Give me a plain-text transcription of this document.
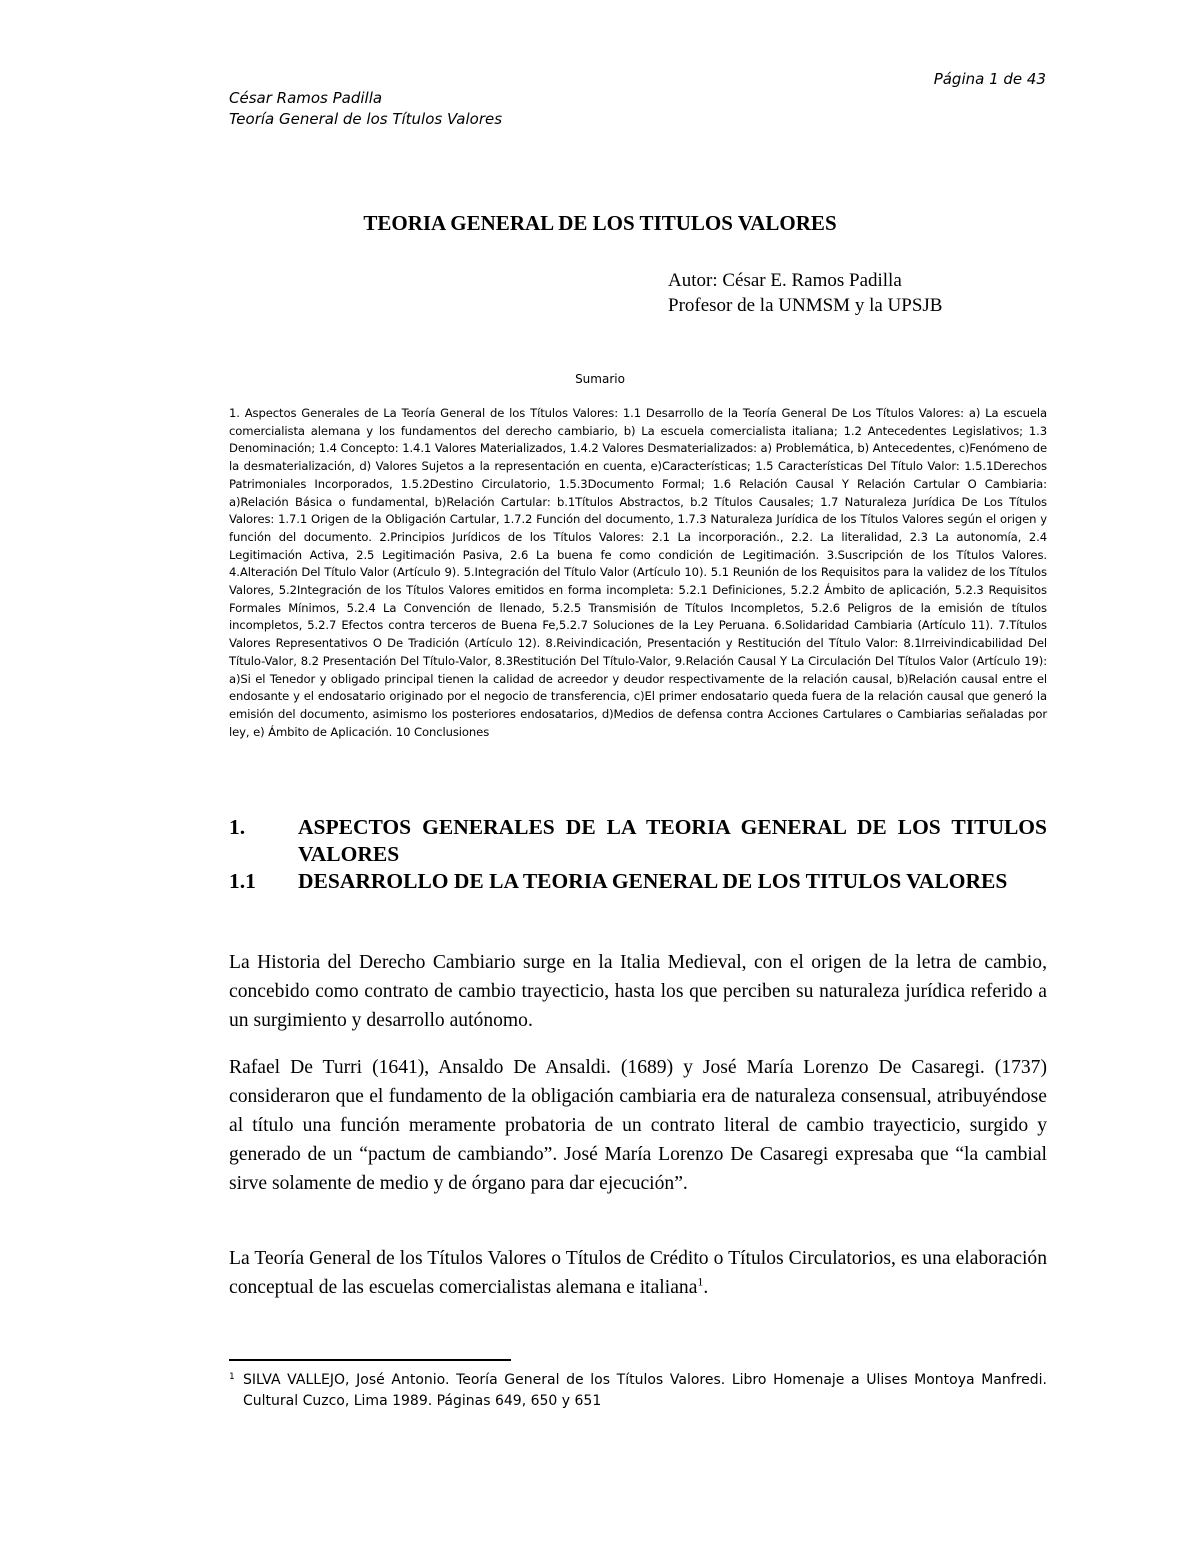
Página 1 de 43
César Ramos Padilla
Teoría General de los Títulos Valores
TEORIA GENERAL DE LOS TITULOS VALORES
Autor: César E. Ramos Padilla
Profesor de la UNMSM y la UPSJB
Sumario

1. Aspectos Generales de La Teoría General de los Títulos Valores: 1.1 Desarrollo de la Teoría General De Los Títulos Valores: a) La escuela comercialista alemana y los fundamentos del derecho cambiario, b) La escuela comercialista italiana; 1.2 Antecedentes Legislativos; 1.3 Denominación; 1.4 Concepto: 1.4.1 Valores Materializados, 1.4.2 Valores Desmaterializados: a) Problemática, b) Antecedentes, c)Fenómeno de la desmaterialización, d) Valores Sujetos a la representación en cuenta, e)Características; 1.5 Características Del Título Valor: 1.5.1Derechos Patrimoniales Incorporados, 1.5.2Destino Circulatorio, 1.5.3Documento Formal; 1.6 Relación Causal Y Relación Cartular O Cambiaria: a)Relación Básica o fundamental, b)Relación Cartular: b.1Títulos Abstractos, b.2 Títulos Causales; 1.7 Naturaleza Jurídica De Los Títulos Valores: 1.7.1 Origen de la Obligación Cartular, 1.7.2 Función del documento, 1.7.3 Naturaleza Jurídica de los Títulos Valores según el origen y función del documento. 2.Principios Jurídicos de los Títulos Valores: 2.1 La incorporación., 2.2. La literalidad, 2.3 La autonomía, 2.4 Legitimación Activa, 2.5 Legitimación Pasiva, 2.6 La buena fe como condición de Legitimación. 3.Suscripción de los Títulos Valores. 4.Alteración Del Título Valor (Artículo 9). 5.Integración del Título Valor (Artículo 10). 5.1 Reunión de los Requisitos para la validez de los Títulos Valores, 5.2Integración de los Títulos Valores emitidos en forma incompleta: 5.2.1 Definiciones, 5.2.2 Ámbito de aplicación, 5.2.3 Requisitos Formales Mínimos, 5.2.4 La Convención de llenado, 5.2.5 Transmisión de Títulos Incompletos, 5.2.6 Peligros de la emisión de títulos incompletos, 5.2.7 Efectos contra terceros de Buena Fe,5.2.7 Soluciones de la Ley Peruana. 6.Solidaridad Cambiaria (Artículo 11). 7.Títulos Valores Representativos O De Tradición (Artículo 12). 8.Reivindicación, Presentación y Restitución del Título Valor: 8.1Irreivindicabilidad Del Título-Valor, 8.2 Presentación Del Título-Valor, 8.3Restitución Del Título-Valor, 9.Relación Causal Y La Circulación Del Títulos Valor (Artículo 19): a)Si el Tenedor y obligado principal tienen la calidad de acreedor y deudor respectivamente de la relación causal, b)Relación causal entre el endosante y el endosatario originado por el negocio de transferencia, c)El primer endosatario queda fuera de la relación causal que generó la emisión del documento, asimismo los posteriores endosatarios, d)Medios de defensa contra Acciones Cartulares o Cambiarias señaladas por ley, e) Ámbito de Aplicación. 10 Conclusiones

1.	ASPECTOS GENERALES DE LA TEORIA GENERAL DE LOS TITULOS VALORES
1.1	DESARROLLO DE LA TEORIA GENERAL DE LOS TITULOS VALORES

La Historia del Derecho Cambiario surge en la Italia Medieval, con el origen de la letra de cambio, concebido como contrato de cambio trayecticio, hasta los que perciben su naturaleza jurídica referido a un surgimiento y desarrollo autónomo.

Rafael De Turri (1641), Ansaldo De Ansaldi. (1689) y José María Lorenzo De Casaregi. (1737) consideraron que el fundamento de la obligación cambiaria era de naturaleza consensual, atribuyéndose al título una función meramente probatoria de un contrato literal de cambio trayecticio, surgido y generado de un “pactum de cambiando”. José María Lorenzo De Casaregi expresaba que “la cambial sirve solamente de medio y de órgano para dar ejecución”.

La Teoría General de los Títulos Valores o Títulos de Crédito o Títulos Circulatorios, es una elaboración conceptual de las escuelas comercialistas alemana e italiana$^1$.

1 SILVA VALLEJO, José Antonio. Teoría General de los Títulos Valores. Libro Homenaje a Ulises Montoya Manfredi. Cultural Cuzco, Lima 1989. Páginas 649, 650 y 651
